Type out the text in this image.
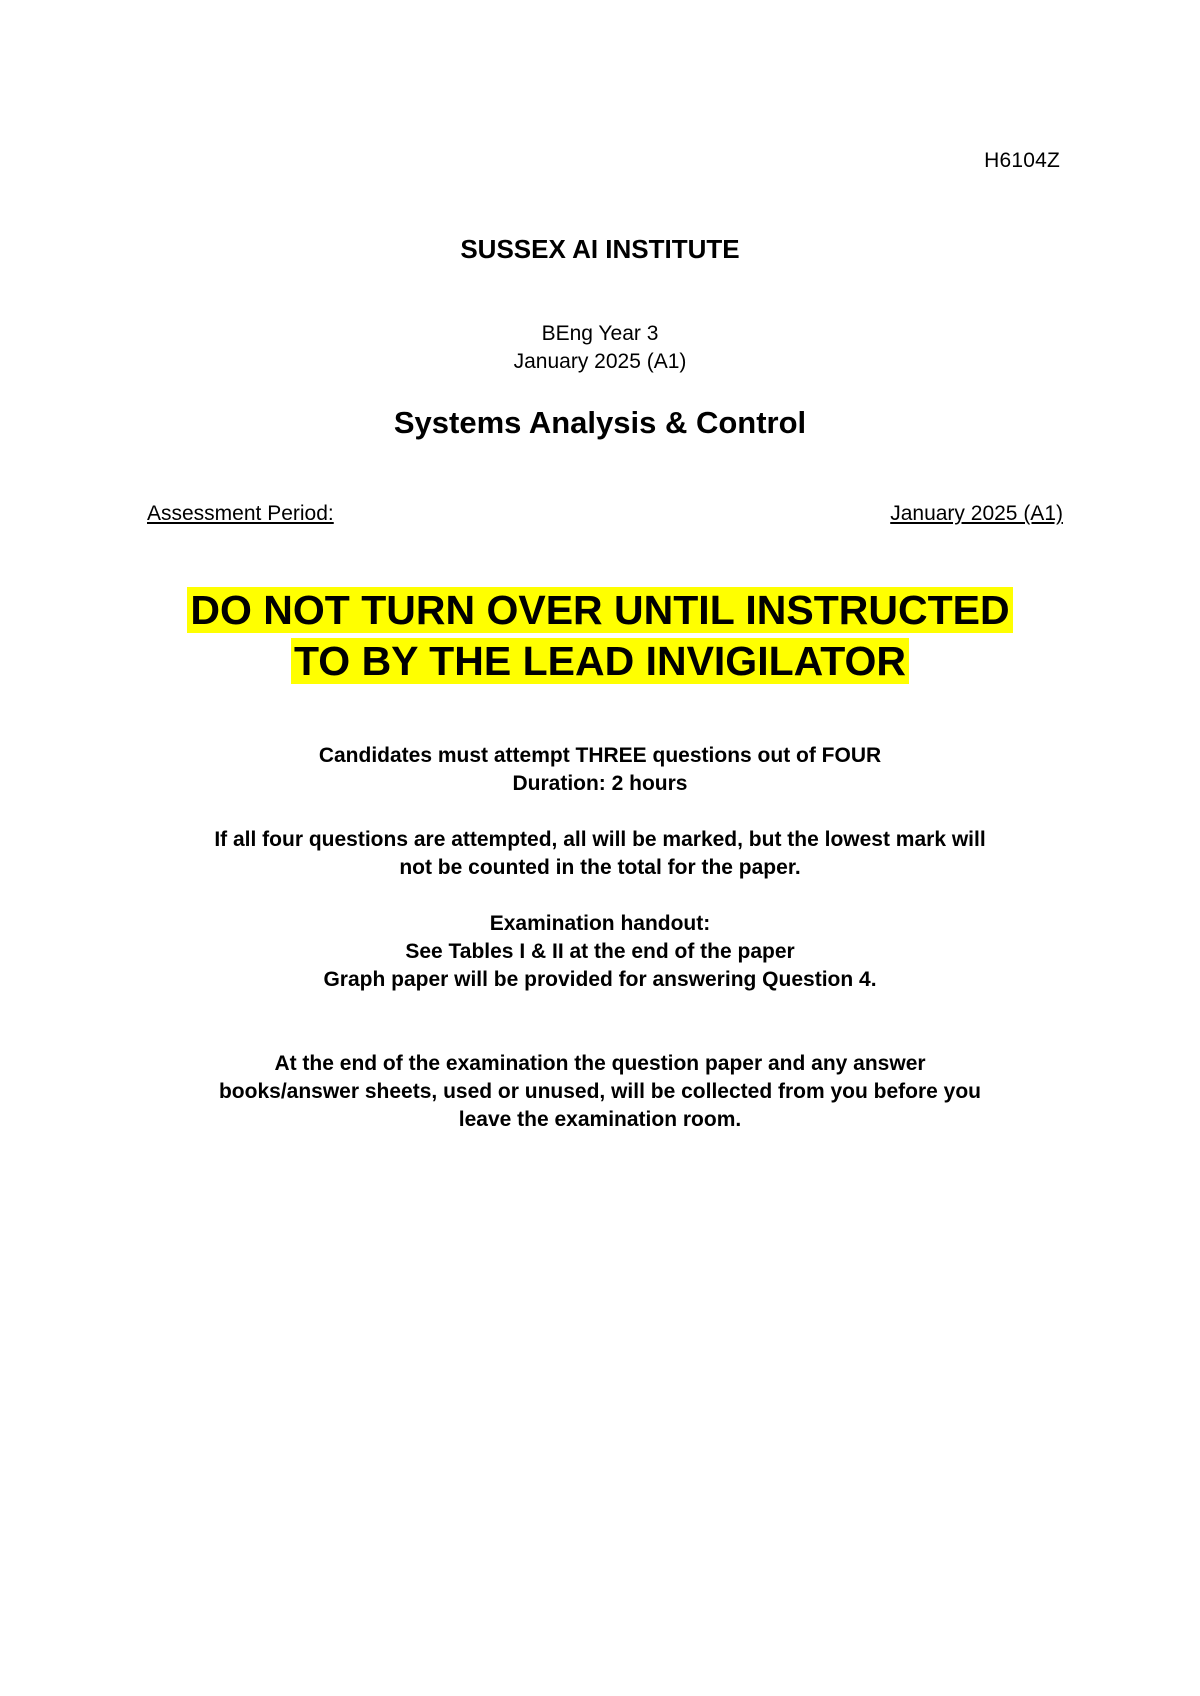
H6104Z
SUSSEX AI INSTITUTE
BEng Year 3
January 2025 (A1)
Systems Analysis & Control
Assessment Period:	January 2025 (A1)
DO NOT TURN OVER UNTIL INSTRUCTED
TO BY THE LEAD INVIGILATOR

Candidates must attempt THREE questions out of FOUR

Duration: 2 hours

If all four questions are attempted, all will be marked, but the lowest mark will

not be counted in the total for the paper.

Examination handout:

See Tables I & II at the end of the paper

Graph paper will be provided for answering Question 4.

At the end of the examination the question paper and any answer

books/answer sheets, used or unused, will be collected from you before you

leave the examination room.
